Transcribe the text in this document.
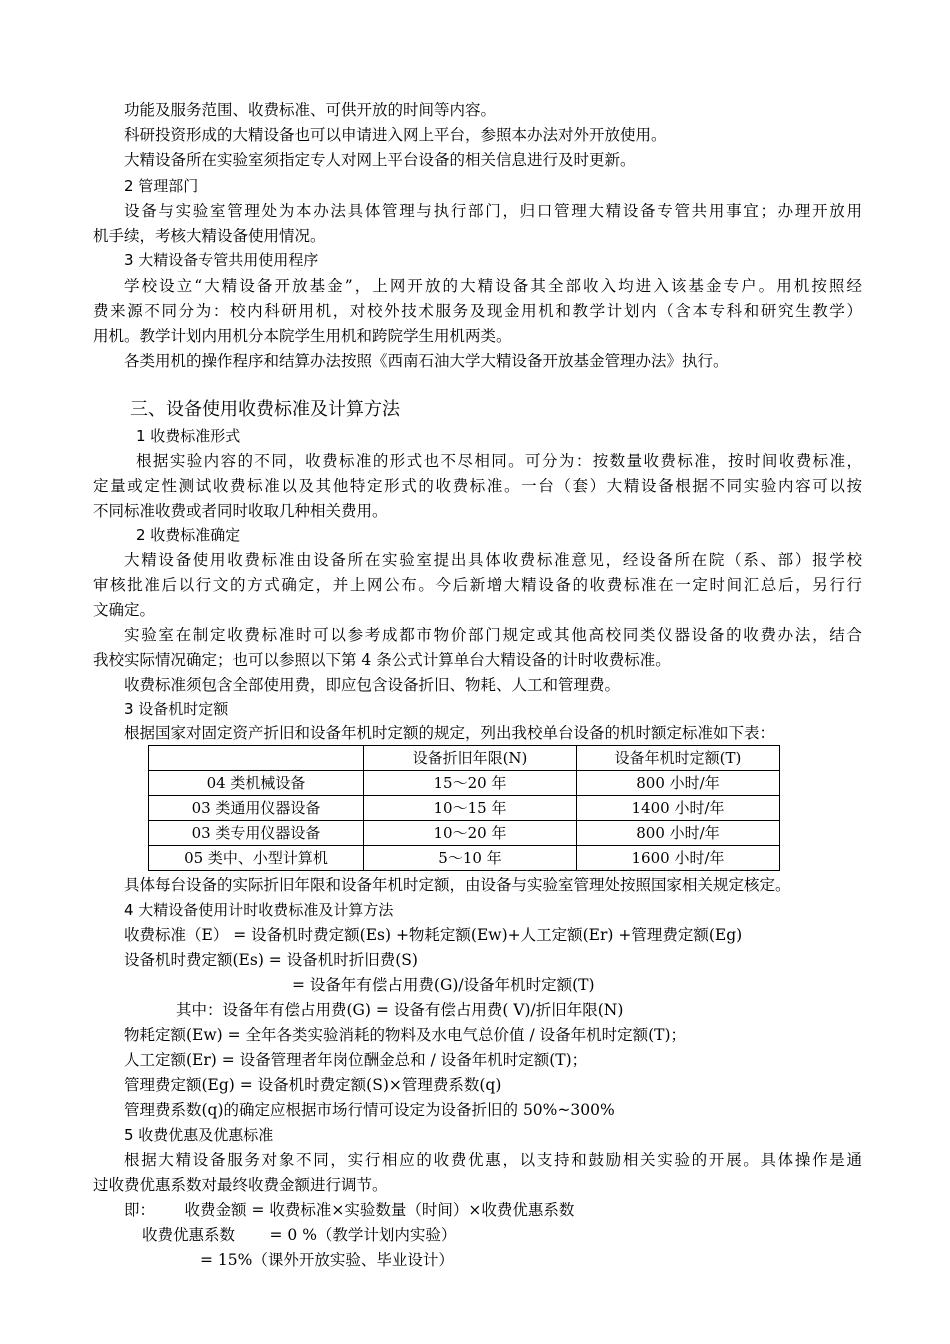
功能及服务范围、收费标准、可供开放的时间等内容。
科研投资形成的大精设备也可以申请进入网上平台，参照本办法对外开放使用。
大精设备所在实验室须指定专人对网上平台设备的相关信息进行及时更新。
2 管理部门
设备与实验室管理处为本办法具体管理与执行部门，归口管理大精设备专管共用事宜；办理开放用
机手续，考核大精设备使用情况。
3 大精设备专管共用使用程序
学校设立“大精设备开放基金”，上网开放的大精设备其全部收入均进入该基金专户。用机按照经
费来源不同分为：校内科研用机，对校外技术服务及现金用机和教学计划内（含本专科和研究生教学）
用机。教学计划内用机分本院学生用机和跨院学生用机两类。
各类用机的操作程序和结算办法按照《西南石油大学大精设备开放基金管理办法》执行。
三、设备使用收费标准及计算方法
1 收费标准形式
根据实验内容的不同，收费标准的形式也不尽相同。可分为：按数量收费标准，按时间收费标准，
定量或定性测试收费标准以及其他特定形式的收费标准。一台（套）大精设备根据不同实验内容可以按
不同标准收费或者同时收取几种相关费用。
2 收费标准确定
大精设备使用收费标准由设备所在实验室提出具体收费标准意见，经设备所在院（系、部）报学校
审核批准后以行文的方式确定，并上网公布。今后新增大精设备的收费标准在一定时间汇总后，另行行
文确定。
实验室在制定收费标准时可以参考成都市物价部门规定或其他高校同类仪器设备的收费办法，结合
我校实际情况确定；也可以参照以下第 4 条公式计算单台大精设备的计时收费标准。
收费标准须包含全部使用费，即应包含设备折旧、物耗、人工和管理费。
3 设备机时定额
根据国家对固定资产折旧和设备年机时定额的规定，列出我校单台设备的机时额定标准如下表：
	设备折旧年限(N)	设备年机时定额(T)
04 类机械设备	15～20 年	800 小时/年
03 类通用仪器设备	10～15 年	1400 小时/年
03 类专用仪器设备	10～20 年	800 小时/年
05 类中、小型计算机	5～10 年	1600 小时/年
具体每台设备的实际折旧年限和设备年机时定额，由设备与实验室管理处按照国家相关规定核定。
4 大精设备使用计时收费标准及计算方法
收费标准（E） = 设备机时费定额(Es) +物耗定额(Ew)+人工定额(Er) +管理费定额(Eg)
设备机时费定额(Es) = 设备机时折旧费(S)
= 设备年有偿占用费(G)/设备年机时定额(T)
其中：设备年有偿占用费(G) = 设备有偿占用费( V)/折旧年限(N)
物耗定额(Ew) = 全年各类实验消耗的物料及水电气总价值 / 设备年机时定额(T)；
人工定额(Er) = 设备管理者年岗位酬金总和 / 设备年机时定额(T)；
管理费定额(Eg) = 设备机时费定额(S)×管理费系数(q)
管理费系数(q)的确定应根据市场行情可设定为设备折旧的 50%~300%
5 收费优惠及优惠标准
根据大精设备服务对象不同，实行相应的收费优惠，以支持和鼓励相关实验的开展。具体操作是通
过收费优惠系数对最终收费金额进行调节。
即：      收费金额 = 收费标准×实验数量（时间）×收费优惠系数
收费优惠系数       = 0 %（教学计划内实验）
= 15%（课外开放实验、毕业设计）
